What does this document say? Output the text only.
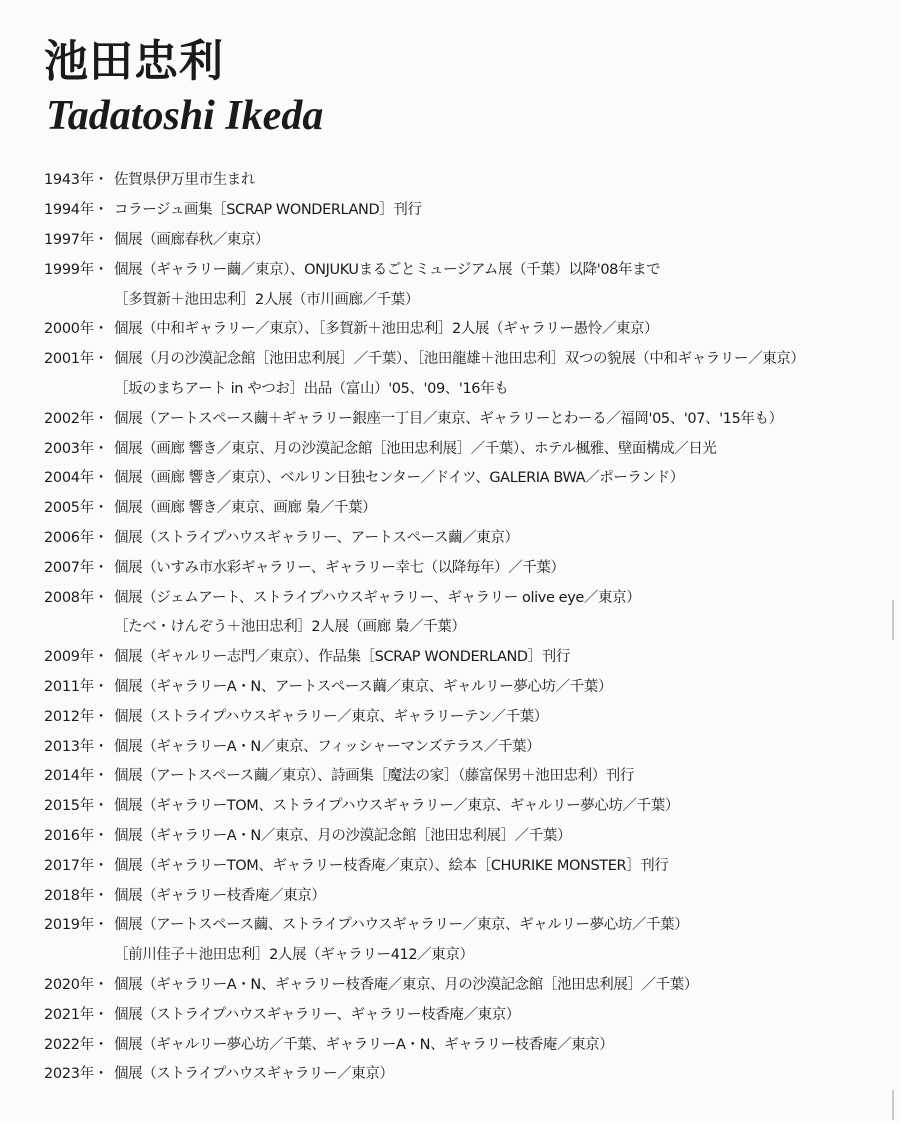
池田忠利
Tadatoshi Ikeda
1943年・ 佐賀県伊万里市生まれ
1994年・ コラージュ画集［SCRAP WONDERLAND］刊行
1997年・ 個展（画廊春秋／東京）
1999年・ 個展（ギャラリー繭／東京）、ONJUKUまるごとミュージアム展（千葉）以降'08年まで
［多賀新＋池田忠利］2人展（市川画廊／千葉）
2000年・ 個展（中和ギャラリー／東京）、［多賀新＋池田忠利］2人展（ギャラリー愚怜／東京）
2001年・ 個展（月の沙漠記念館［池田忠利展］／千葉）、［池田龍雄＋池田忠利］双つの貌展（中和ギャラリー／東京）
［坂のまちアート in やつお］出品（富山）'05、'09、'16年も
2002年・ 個展（アートスペース繭＋ギャラリー銀座一丁目／東京、ギャラリーとわーる／福岡'05、'07、'15年も）
2003年・ 個展（画廊 響き／東京、月の沙漠記念館［池田忠利展］／千葉）、ホテル楓雅、壁面構成／日光
2004年・ 個展（画廊 響き／東京）、ベルリン日独センター／ドイツ、GALERIA BWA／ポーランド）
2005年・ 個展（画廊 響き／東京、画廊 梟／千葉）
2006年・ 個展（ストライプハウスギャラリー、アートスペース繭／東京）
2007年・ 個展（いすみ市水彩ギャラリー、ギャラリー幸七（以降毎年）／千葉）
2008年・ 個展（ジェムアート、ストライプハウスギャラリー、ギャラリー olive eye／東京）
［たべ・けんぞう＋池田忠利］2人展（画廊 梟／千葉）
2009年・ 個展（ギャルリー志門／東京）、作品集［SCRAP WONDERLAND］刊行
2011年・ 個展（ギャラリーA・N、アートスペース繭／東京、ギャルリー夢心坊／千葉）
2012年・ 個展（ストライプハウスギャラリー／東京、ギャラリーテン／千葉）
2013年・ 個展（ギャラリーA・N／東京、フィッシャーマンズテラス／千葉）
2014年・ 個展（アートスペース繭／東京）、詩画集［魔法の家］（藤富保男＋池田忠利）刊行
2015年・ 個展（ギャラリーTOM、ストライプハウスギャラリー／東京、ギャルリー夢心坊／千葉）
2016年・ 個展（ギャラリーA・N／東京、月の沙漠記念館［池田忠利展］／千葉）
2017年・ 個展（ギャラリーTOM、ギャラリー枝香庵／東京）、絵本［CHURIKE MONSTER］刊行
2018年・ 個展（ギャラリー枝香庵／東京）
2019年・ 個展（アートスペース繭、ストライプハウスギャラリー／東京、ギャルリー夢心坊／千葉）
［前川佳子＋池田忠利］2人展（ギャラリー412／東京）
2020年・ 個展（ギャラリーA・N、ギャラリー枝香庵／東京、月の沙漠記念館［池田忠利展］／千葉）
2021年・ 個展（ストライプハウスギャラリー、ギャラリー枝香庵／東京）
2022年・ 個展（ギャルリー夢心坊／千葉、ギャラリーA・N、ギャラリー枝香庵／東京）
2023年・ 個展（ストライプハウスギャラリー／東京）
